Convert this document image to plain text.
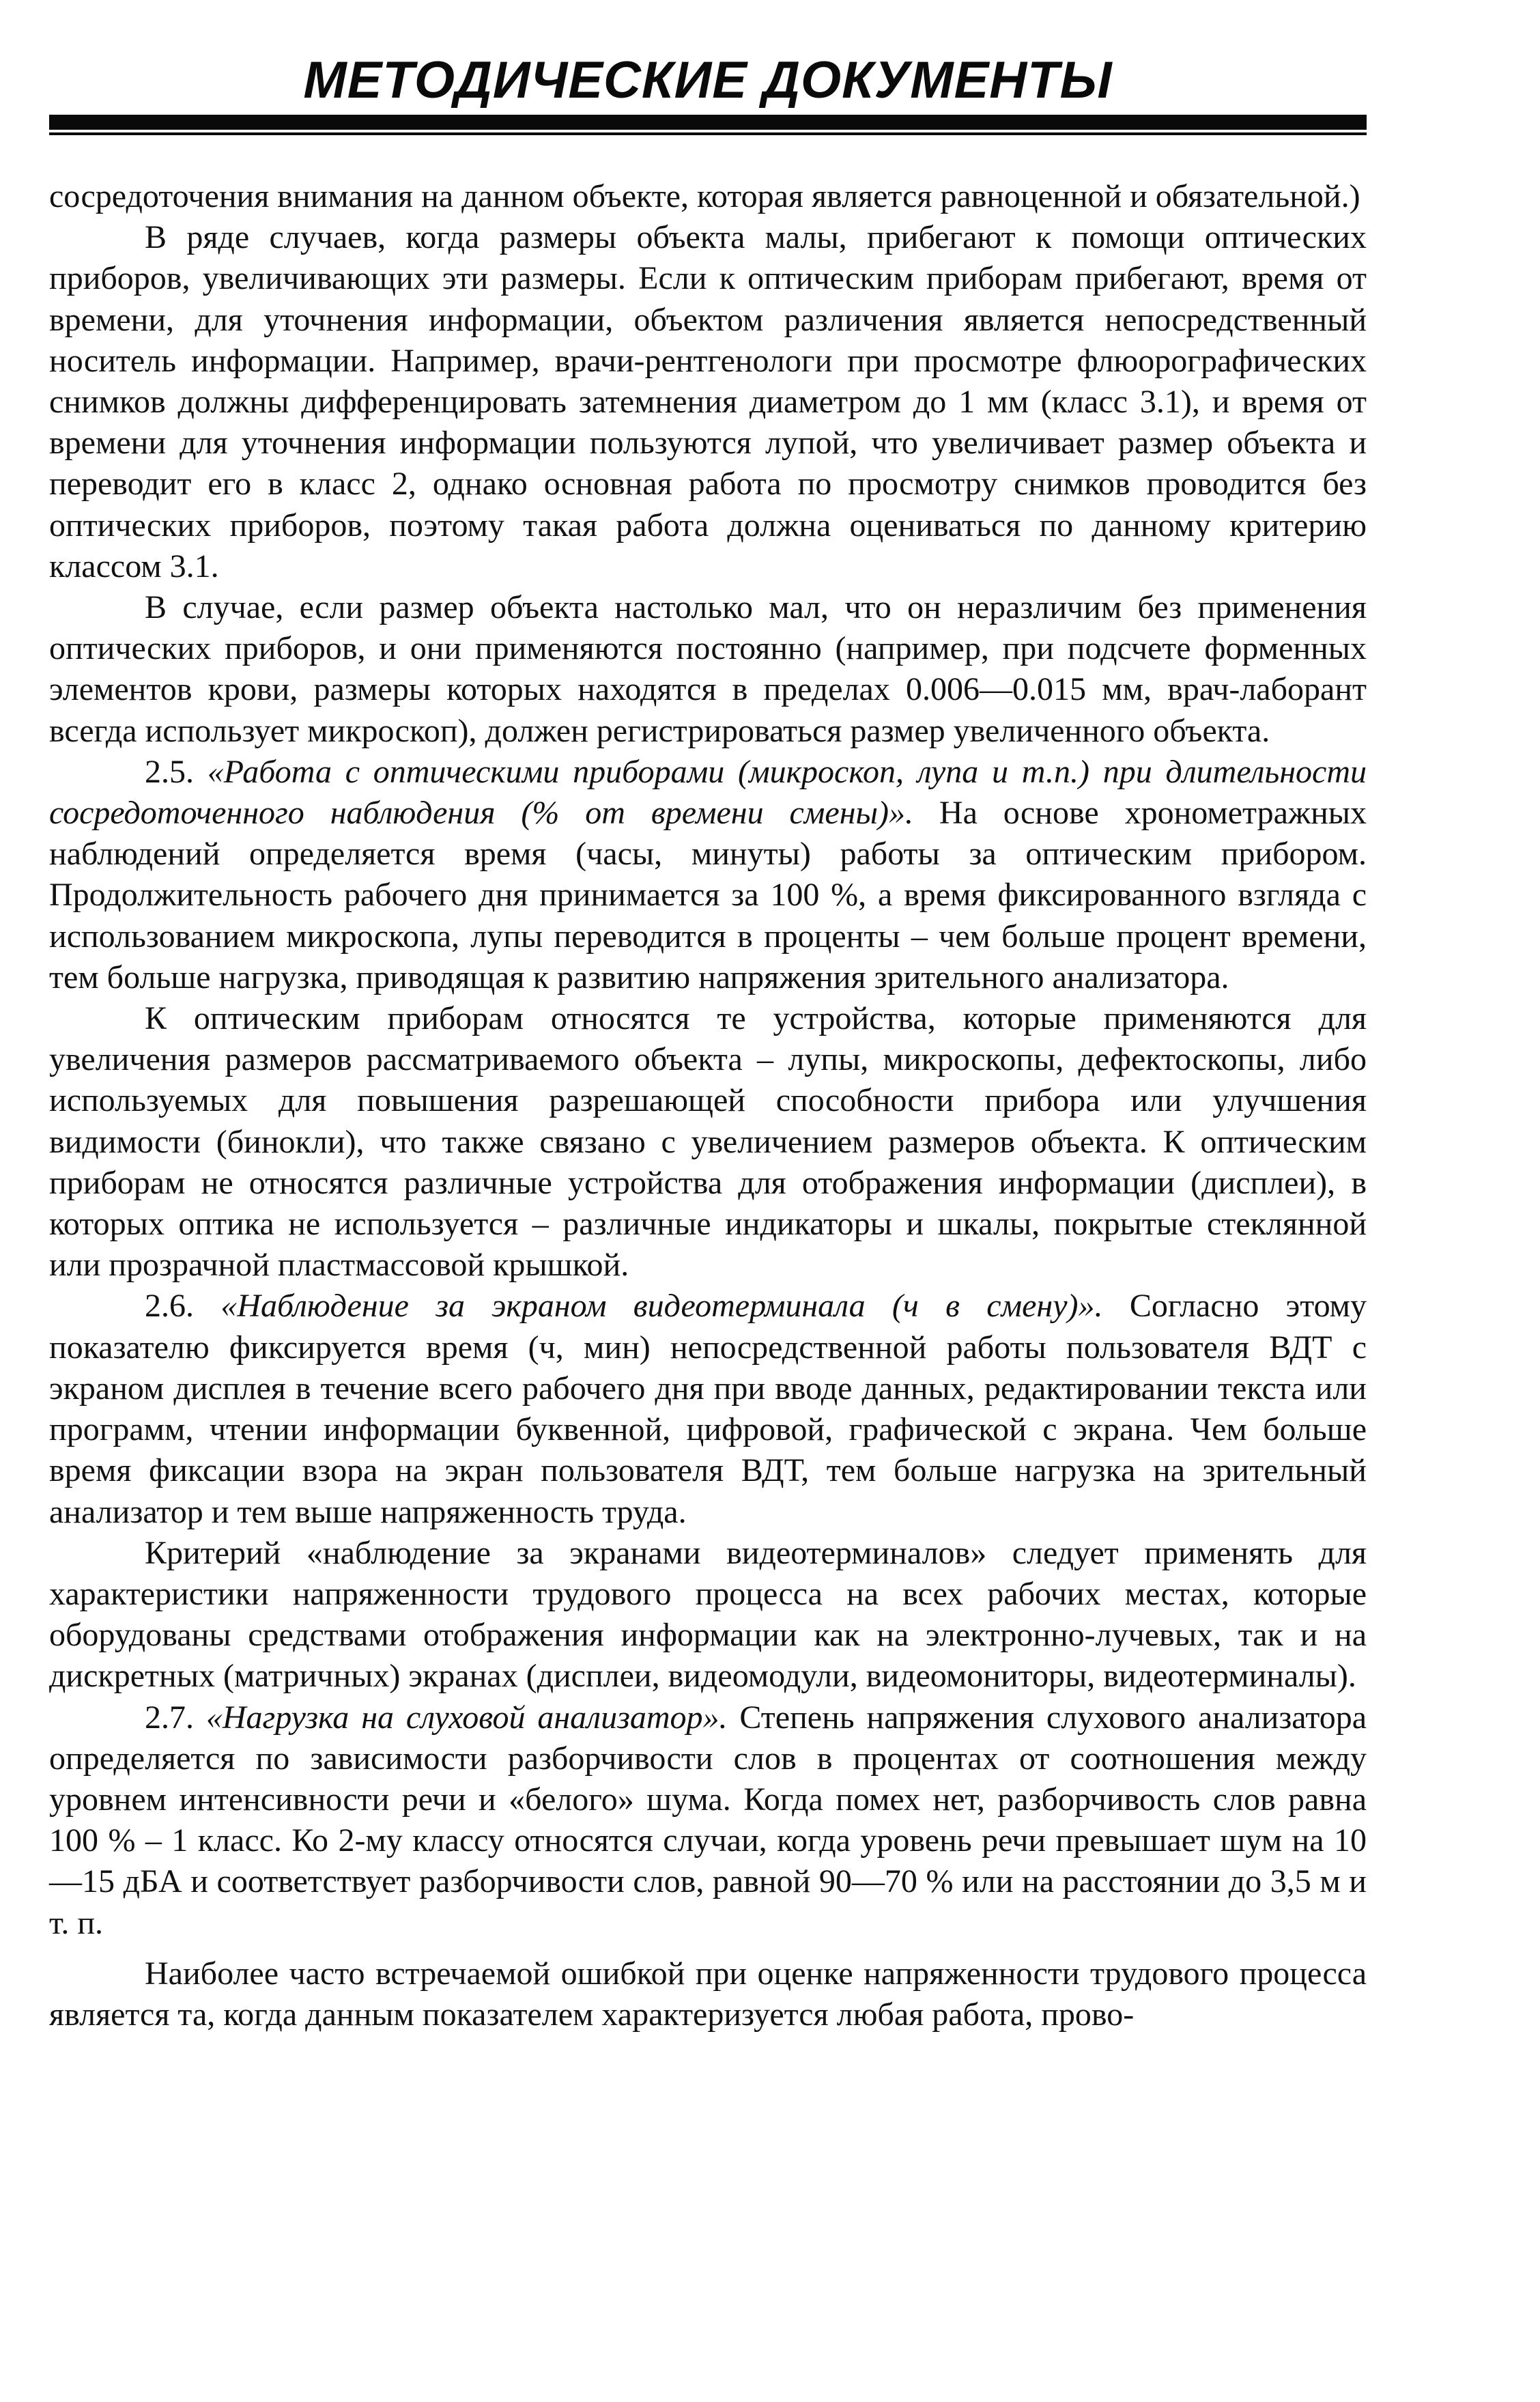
МЕТОДИЧЕСКИЕ ДОКУМЕНТЫ

сосредоточения внимания на данном объекте, которая является равноценной и обязательной.)

В ряде случаев, когда размеры объекта малы, прибегают к помощи оптических приборов, увеличивающих эти размеры. Если к оптическим приборам прибегают, время от времени, для уточнения информации, объектом различения является непосредственный носитель информации. Например, врачи-рентгенологи при просмотре флюорографических снимков должны дифференцировать затемнения диаметром до 1 мм (класс 3.1), и время от времени для уточнения информации пользуются лупой, что увеличивает размер объекта и переводит его в класс 2, однако основная работа по просмотру снимков проводится без оптических приборов, поэтому такая работа должна оцениваться по данному критерию классом 3.1.

В случае, если размер объекта настолько мал, что он неразличим без применения оптических приборов, и они применяются постоянно (например, при подсчете форменных элементов крови, размеры которых находятся в пределах 0.006—0.015 мм, врач-лаборант всегда использует микроскоп), должен регистрироваться размер увеличенного объекта.

2.5. «Работа с оптическими приборами (микроскоп, лупа и т.п.) при длительности сосредоточенного наблюдения (% от времени смены)». На основе хронометражных наблюдений определяется время (часы, минуты) работы за оптическим прибором. Продолжительность рабочего дня принимается за 100 %, а время фиксированного взгляда с использованием микроскопа, лупы переводится в проценты – чем больше процент времени, тем больше нагрузка, приводящая к развитию напряжения зрительного анализатора.

К оптическим приборам относятся те устройства, которые применяются для увеличения размеров рассматриваемого объекта – лупы, микроскопы, дефектоскопы, либо используемых для повышения разрешающей способности прибора или улучшения видимости (бинокли), что также связано с увеличением размеров объекта. К оптическим приборам не относятся различные устройства для отображения информации (дисплеи), в которых оптика не используется – различные индикаторы и шкалы, покрытые стеклянной или прозрачной пластмассовой крышкой.

2.6. «Наблюдение за экраном видеотерминала (ч в смену)». Согласно этому показателю фиксируется время (ч, мин) непосредственной работы пользователя ВДТ с экраном дисплея в течение всего рабочего дня при вводе данных, редактировании текста или программ, чтении информации буквенной, цифровой, графической с экрана. Чем больше время фиксации взора на экран пользователя ВДТ, тем больше нагрузка на зрительный анализатор и тем выше напряженность труда.

Критерий «наблюдение за экранами видеотерминалов» следует применять для характеристики напряженности трудового процесса на всех рабочих местах, которые оборудованы средствами отображения информации как на электронно-лучевых, так и на дискретных (матричных) экранах (дисплеи, видеомодули, видеомониторы, видеотерминалы).

2.7. «Нагрузка на слуховой анализатор». Степень напряжения слухового анализатора определяется по зависимости разборчивости слов в процентах от соотношения между уровнем интенсивности речи и «белого» шума. Когда помех нет, разборчивость слов равна 100 % – 1 класс. Ко 2-му классу относятся случаи, когда уровень речи превышает шум на 10—15 дБА и соответствует разборчивости слов, равной 90—70 % или на расстоянии до 3,5 м и т. п.

Наиболее часто встречаемой ошибкой при оценке напряженности трудового процесса является та, когда данным показателем характеризуется любая работа, прово-
